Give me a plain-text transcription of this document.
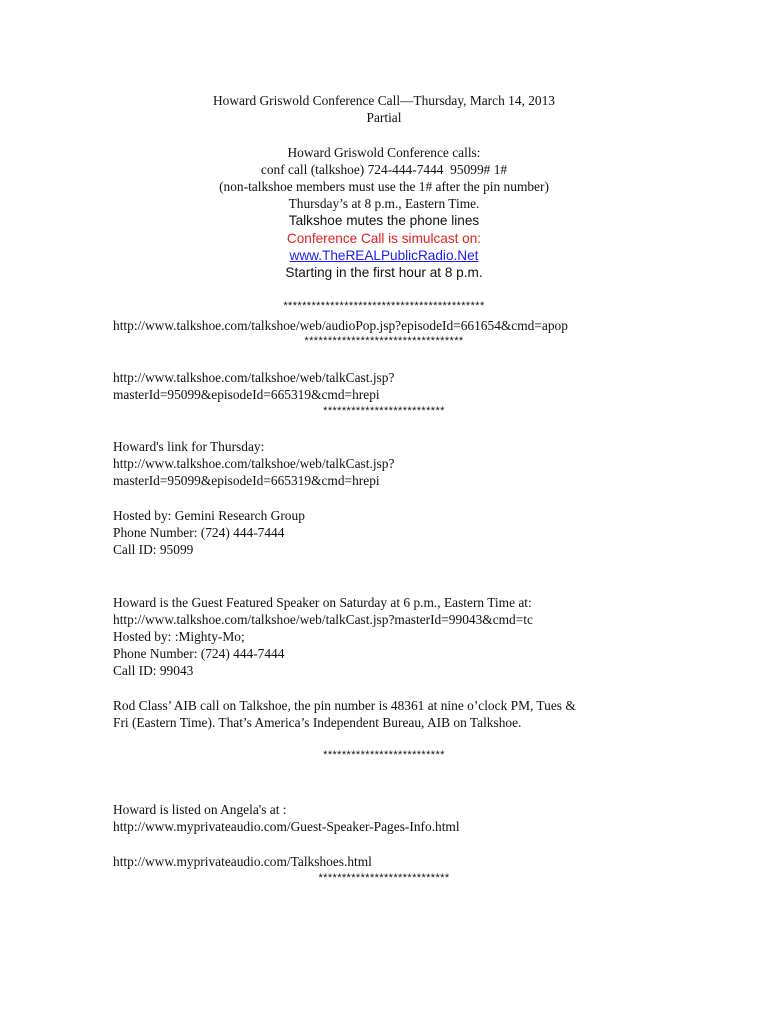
Howard Griswold Conference Call—Thursday, March 14, 2013
Partial
Howard Griswold Conference calls:
conf call (talkshoe) 724-444-7444  95099# 1#
(non-talkshoe members must use the 1# after the pin number)
Thursday’s at 8 p.m., Eastern Time.
Talkshoe mutes the phone lines
Conference Call is simulcast on:
www.TheREALPublicRadio.Net
Starting in the first hour at 8 p.m.
*******************************************
http://www.talkshoe.com/talkshoe/web/audioPop.jsp?episodeId=661654&cmd=apop
**********************************
http://www.talkshoe.com/talkshoe/web/talkCast.jsp?
masterId=95099&episodeId=665319&cmd=hrepi
**************************
Howard's link for Thursday:
http://www.talkshoe.com/talkshoe/web/talkCast.jsp?
masterId=95099&episodeId=665319&cmd=hrepi
Hosted by: Gemini Research Group
Phone Number: (724) 444-7444
Call ID: 95099
Howard is the Guest Featured Speaker on Saturday at 6 p.m., Eastern Time at:
http://www.talkshoe.com/talkshoe/web/talkCast.jsp?masterId=99043&cmd=tc
Hosted by: :Mighty-Mo;
Phone Number: (724) 444-7444
Call ID: 99043
Rod Class’ AIB call on Talkshoe, the pin number is 48361 at nine o’clock PM, Tues &
Fri (Eastern Time). That’s America’s Independent Bureau, AIB on Talkshoe.
**************************
Howard is listed on Angela's at :
http://www.myprivateaudio.com/Guest-Speaker-Pages-Info.html
http://www.myprivateaudio.com/Talkshoes.html
****************************
